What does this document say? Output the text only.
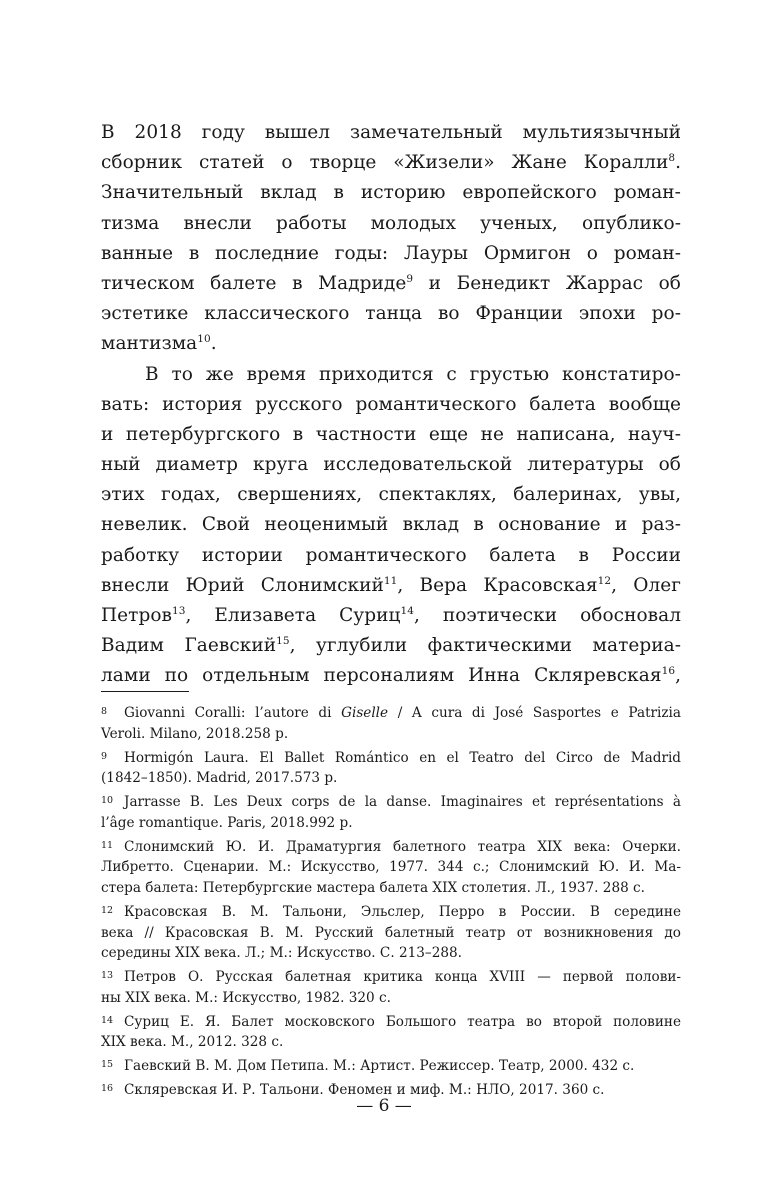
В 2018 году вышел замечательный мультиязычный
сборник статей о творце «Жизели» Жане Коралли$^8$.
Значительный вклад в историю европейского роман-
тизма внесли работы молодых ученых, опублико-
ванные в последние годы: Лауры Ормигон о роман-
тическом балете в Мадриде$^9$ и Бенедикт Жаррас об
эстетике классического танца во Франции эпохи ро-
мантизма$^{10}$.
В то же время приходится с грустью констатиро-
вать: история русского романтического балета вообще
и петербургского в частности еще не написана, науч-
ный диаметр круга исследовательской литературы об
этих годах, свершениях, спектаклях, балеринах, увы,
невелик. Свой неоценимый вклад в основание и раз-
работку истории романтического балета в России
внесли Юрий Слонимский$^{11}$, Вера Красовская$^{12}$, Олег
Петров$^{13}$, Елизавета Суриц$^{14}$, поэтически обосновал
Вадим Гаевский$^{15}$, углубили фактическими материа-
лами по отдельным персоналиям Инна Скляревская$^{16}$,
8 Giovanni Coralli: l’autore di Giselle / A cura di José Sasportes e Patrizia
Veroli. Milano, 2018.258 p.
9 Hormigón Laura. El Ballet Romántico en el Teatro del Circo de Madrid
(1842–1850). Madrid, 2017.573 p.
10 Jarrasse B. Les Deux corps de la danse. Imaginaires et représentations à
l’âge romantique. Paris, 2018.992 p.
11 Слонимский Ю. И. Драматургия балетного театра XIX века: Очерки.
Либретто. Сценарии. М.: Искусство, 1977. 344 с.; Слонимский Ю. И. Ма-
стера балета: Петербургские мастера балета XIX столетия. Л., 1937. 288 с.
12 Красовская В. М. Тальони, Эльслер, Перро в России. В середине
века // Красовская В. М. Русский балетный театр от возникновения до
середины XIX века. Л.; М.: Искусство. С. 213–288.
13 Петров О. Русская балетная критика конца XVIII — первой полови-
ны XIX века. М.: Искусство, 1982. 320 с.
14 Суриц Е. Я. Балет московского Большого театра во второй половине
XIX века. М., 2012. 328 с.
15 Гаевский В. М. Дом Петипа. М.: Артист. Режиссер. Театр, 2000. 432 с.
16 Скляревская И. Р. Тальони. Феномен и миф. М.: НЛО, 2017. 360 с.
— 6 —
